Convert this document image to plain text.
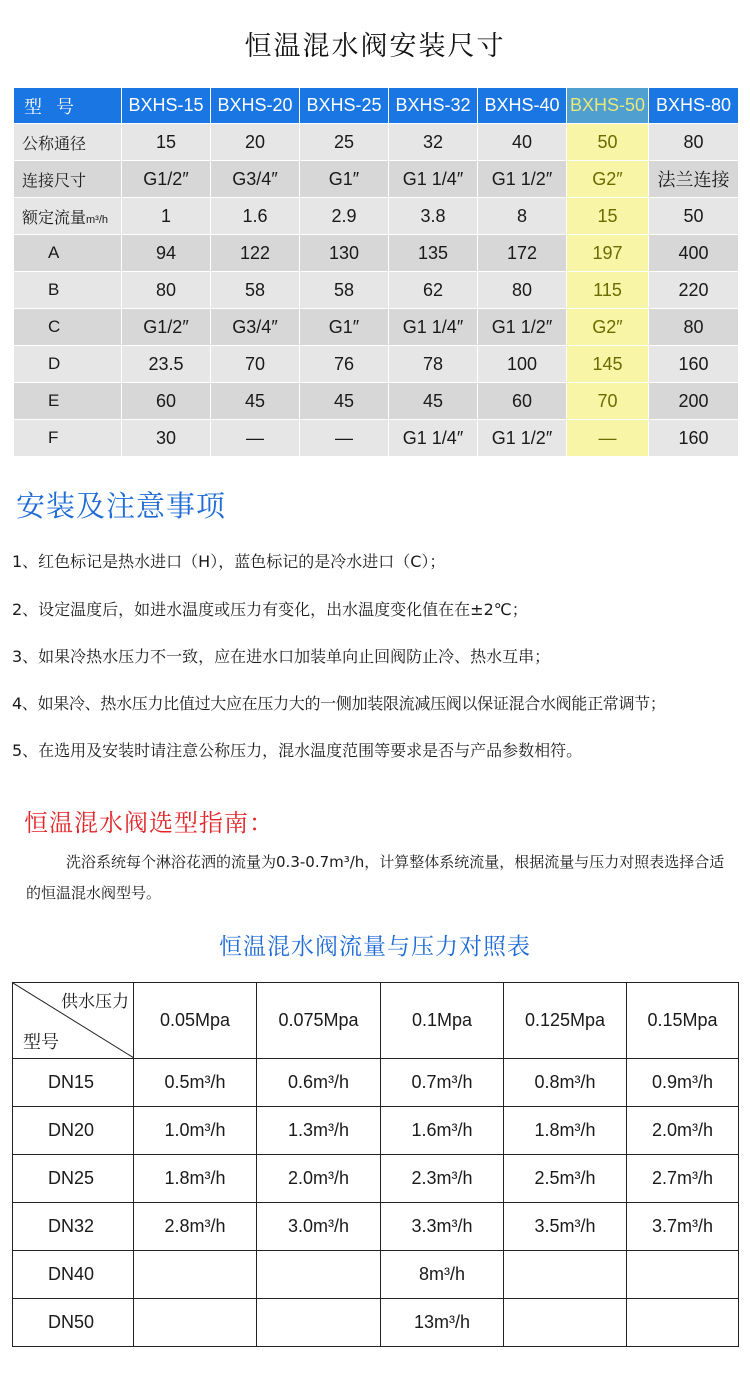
恒温混水阀安装尺寸
型号	BXHS-15	BXHS-20	BXHS-25	BXHS-32	BXHS-40	BXHS-50	BXHS-80
公称通径	15	20	25	32	40	50	80
连接尺寸	G1/2″	G3/4″	G1″	G1 1/4″	G1 1/2″	G2″	法兰连接
额定流量m³/h	1	1.6	2.9	3.8	8	15	50
A	94	122	130	135	172	197	400
B	80	58	58	62	80	115	220
C	G1/2″	G3/4″	G1″	G1 1/4″	G1 1/2″	G2″	80
D	23.5	70	76	78	100	145	160
E	60	45	45	45	60	70	200
F	30	—	—	G1 1/4″	G1 1/2″	—	160
安装及注意事项
1、红色标记是热水进口（H），蓝色标记的是冷水进口（C）；
2、设定温度后，如进水温度或压力有变化，出水温度变化值在在±2℃；
3、如果冷热水压力不一致，应在进水口加装单向止回阀防止冷、热水互串；
4、如果冷、热水压力比值过大应在压力大的一侧加装限流减压阀以保证混合水阀能正常调节；
5、在选用及安装时请注意公称压力，混水温度范围等要求是否与产品参数相符。
恒温混水阀选型指南：
洗浴系统每个淋浴花洒的流量为0.3-0.7m³/h，计算整体系统流量，根据流量与压力对照表选择合适的恒温混水阀型号。
恒温混水阀流量与压力对照表
供水压力
型号	0.05Mpa	0.075Mpa	0.1Mpa	0.125Mpa	0.15Mpa
DN15	0.5m³/h	0.6m³/h	0.7m³/h	0.8m³/h	0.9m³/h
DN20	1.0m³/h	1.3m³/h	1.6m³/h	1.8m³/h	2.0m³/h
DN25	1.8m³/h	2.0m³/h	2.3m³/h	2.5m³/h	2.7m³/h
DN32	2.8m³/h	3.0m³/h	3.3m³/h	3.5m³/h	3.7m³/h
DN40			8m³/h		
DN50			13m³/h		
